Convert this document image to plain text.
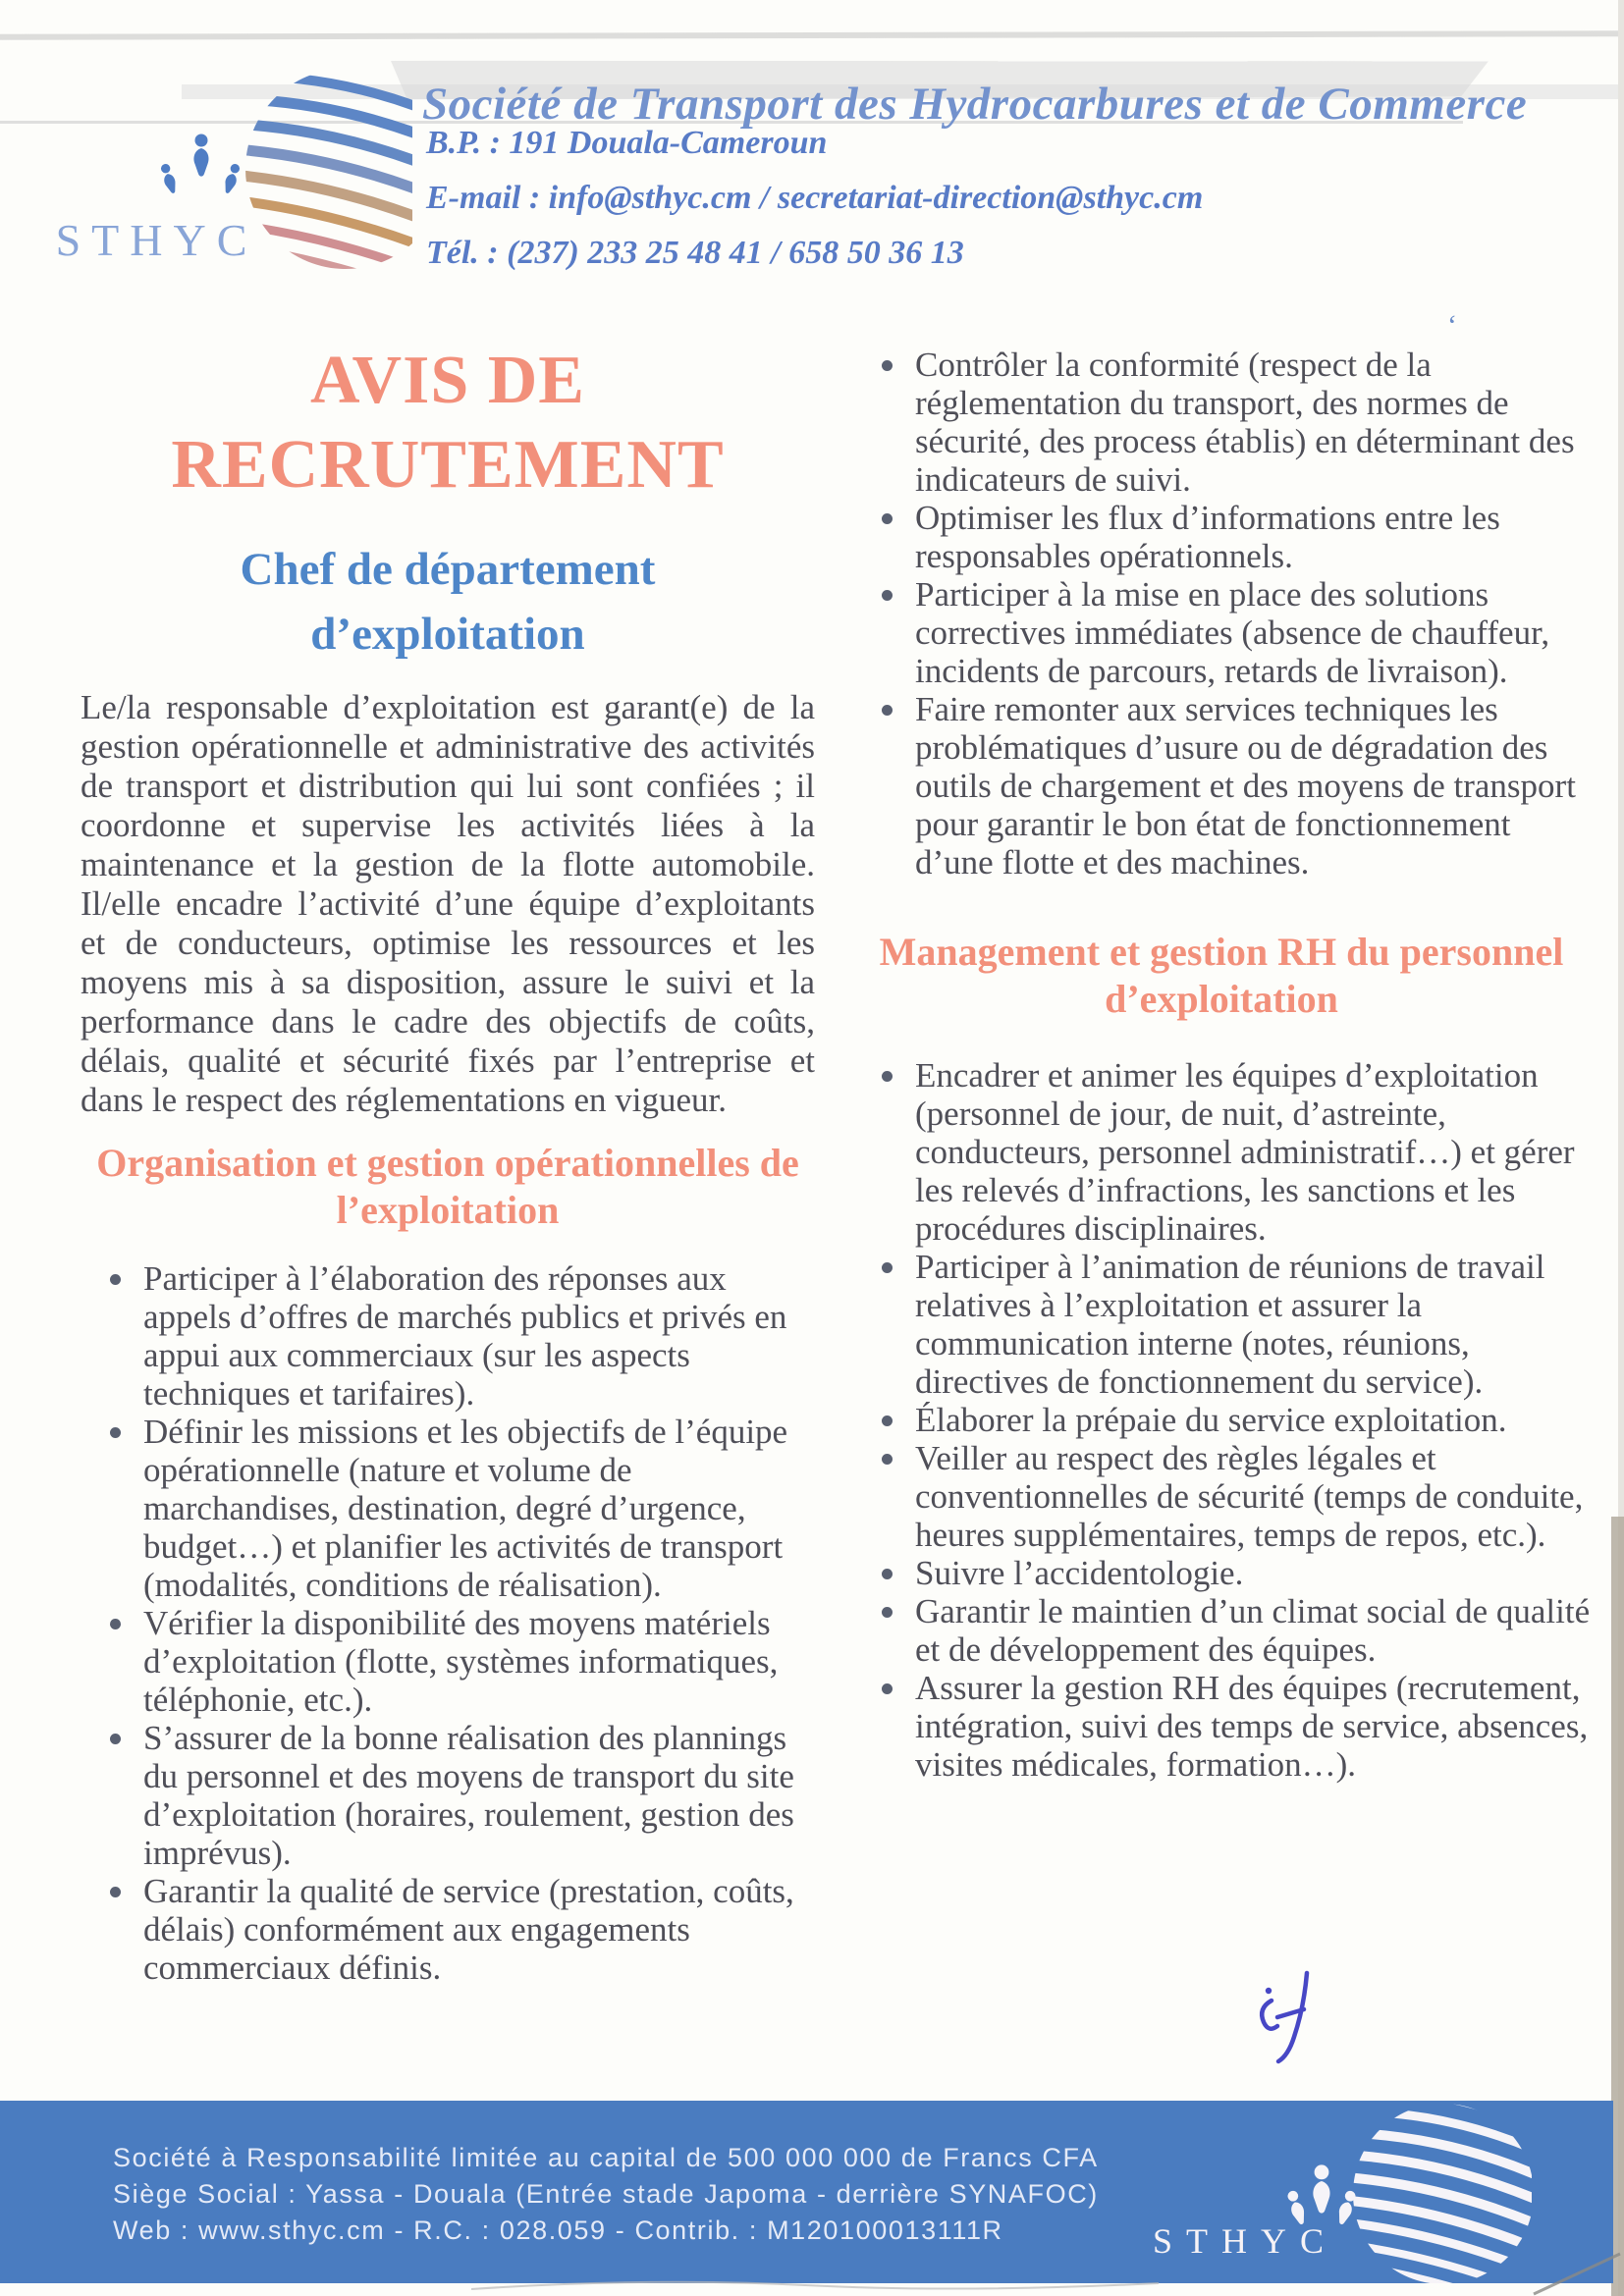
STHYC
Société de Transport des Hydrocarbures et de Commerce
B.P. : 191 Douala-Cameroun
E-mail : info@sthyc.cm / secretariat-direction@sthyc.cm
Tél. : (237) 233 25 48 41 / 658 50 36 13
‘
AVIS DE
RECRUTEMENT
Chef de département d’exploitation

Le/la responsable d’exploitation est garant(e) de la gestion opérationnelle et administrative des activités de transport et distribution qui lui sont confiées ; il coordonne et supervise les activités liées à la maintenance et la gestion de la flotte automobile. Il/elle encadre l’activité d’une équipe d’exploitants et de conducteurs, optimise les ressources et les moyens mis à sa disposition, assure le suivi et la performance dans le cadre des objectifs de coûts, délais, qualité et sécurité fixés par l’entreprise et dans le respect des réglementations en vigueur.

Organisation et gestion opérationnelles de l’exploitation
Participer à l’élaboration des réponses aux appels d’offres de marchés publics et privés en appui aux commerciaux (sur les aspects techniques et tarifaires).
Définir les missions et les objectifs de l’équipe opérationnelle (nature et volume de marchandises, destination, degré d’urgence, budget…) et planifier les activités de transport (modalités, conditions de réalisation).
Vérifier la disponibilité des moyens matériels d’exploitation (flotte, systèmes informatiques, téléphonie, etc.).
S’assurer de la bonne réalisation des plannings du personnel et des moyens de transport du site d’exploitation (horaires, roulement, gestion des imprévus).
Garantir la qualité de service (prestation, coûts, délais) conformément aux engagements commerciaux définis.
Contrôler la conformité (respect de la réglementation du transport, des normes de sécurité, des process établis) en déterminant des indicateurs de suivi.
Optimiser les flux d’informations entre les responsables opérationnels.
Participer à la mise en place des solutions correctives immédiates (absence de chauffeur, incidents de parcours, retards de livraison).
Faire remonter aux services techniques les problématiques d’usure ou de dégradation des outils de chargement et des moyens de transport pour garantir le bon état de fonctionnement d’une flotte et des machines.
Management et gestion RH du personnel d’exploitation
Encadrer et animer les équipes d’exploitation (personnel de jour, de nuit, d’astreinte, conducteurs, personnel administratif…) et gérer les relevés d’infractions, les sanctions et les procédures disciplinaires.
Participer à l’animation de réunions de travail relatives à l’exploitation et assurer la communication interne (notes, réunions, directives de fonctionnement du service).
Élaborer la prépaie du service exploitation.
Veiller au respect des règles légales et conventionnelles de sécurité (temps de conduite, heures supplémentaires, temps de repos, etc.).
Suivre l’accidentologie.
Garantir le maintien d’un climat social de qualité et de développement des équipes.
Assurer la gestion RH des équipes (recrutement, intégration, suivi des temps de service, absences, visites médicales, formation…).
Société à Responsabilité limitée au capital de 500 000 000 de Francs CFA
Siège Social : Yassa - Douala (Entrée stade Japoma - derrière SYNAFOC)
Web : www.sthyc.cm - R.C. : 028.059 - Contrib. : M120100013111R	STHYC
